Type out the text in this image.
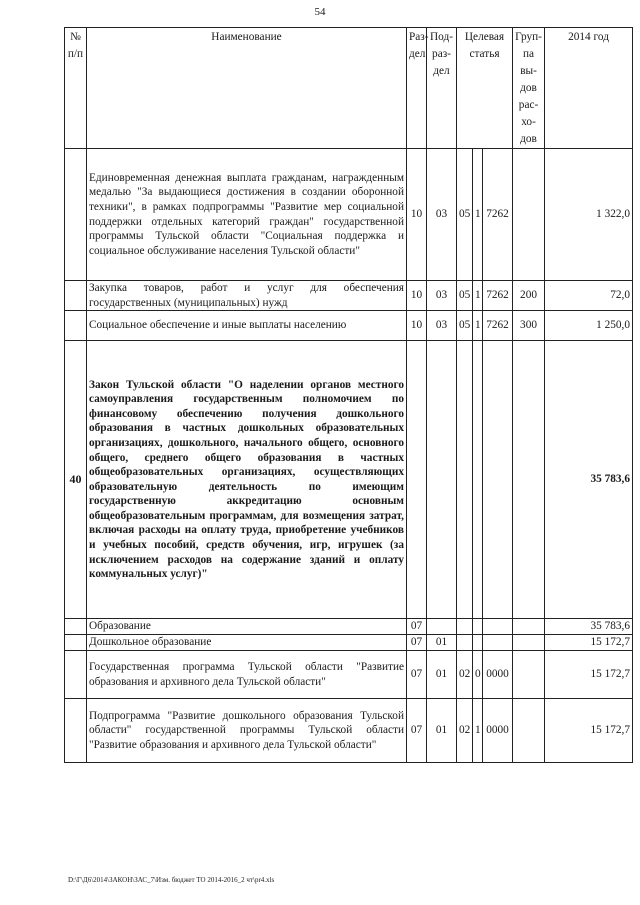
54
№ п/п	Наименование	Раз-дел	Под-раз-дел	Целевая статья			Груп-па вы-дов рас-хо-дов	2014 год
	Единовременная денежная выплата гражданам, награжденным медалью "За выдающиеся достижения в создании оборонной техники", в рамках подпрограммы "Развитие мер социальной поддержки отдельных категорий граждан" государственной программы Тульской области "Социальная поддержка и социальное обслуживание населения Тульской области"	10	03	05	1	7262		1 322,0
	Закупка товаров, работ и услуг для обеспечения государственных (муниципальных) нужд	10	03	05	1	7262	200	72,0
	Социальное обеспечение и иные выплаты населению	10	03	05	1	7262	300	1 250,0
40	Закон Тульской области "О наделении органов местного самоуправления государственным полномочием по финансовому обеспечению получения дошкольного образования в частных дошкольных образовательных организациях, дошкольного, начального общего, основного общего, среднего общего образования в частных общеобразовательных организациях, осуществляющих образовательную деятельность по имеющим государственную аккредитацию основным общеобразовательным программам, для возмещения затрат, включая расходы на оплату труда, приобретение учебников и учебных пособий, средств обучения, игр, игрушек (за исключением расходов на содержание зданий и оплату коммунальных услуг)"							35 783,6
	Образование	07						35 783,6
	Дошкольное образование	07	01					15 172,7
	Государственная программа Тульской области "Развитие образования и архивного дела Тульской области"	07	01	02	0	0000		15 172,7
	Подпрограмма "Развитие дошкольного образования Тульской области" государственной программы Тульской области "Развитие образования и архивного дела Тульской области"	07	01	02	1	0000		15 172,7
D:\Г\Д6\2014\ЗАКОН\ЗАС_7\Изм. бюджет ТО 2014-2016_2 чт\pr4.xls
